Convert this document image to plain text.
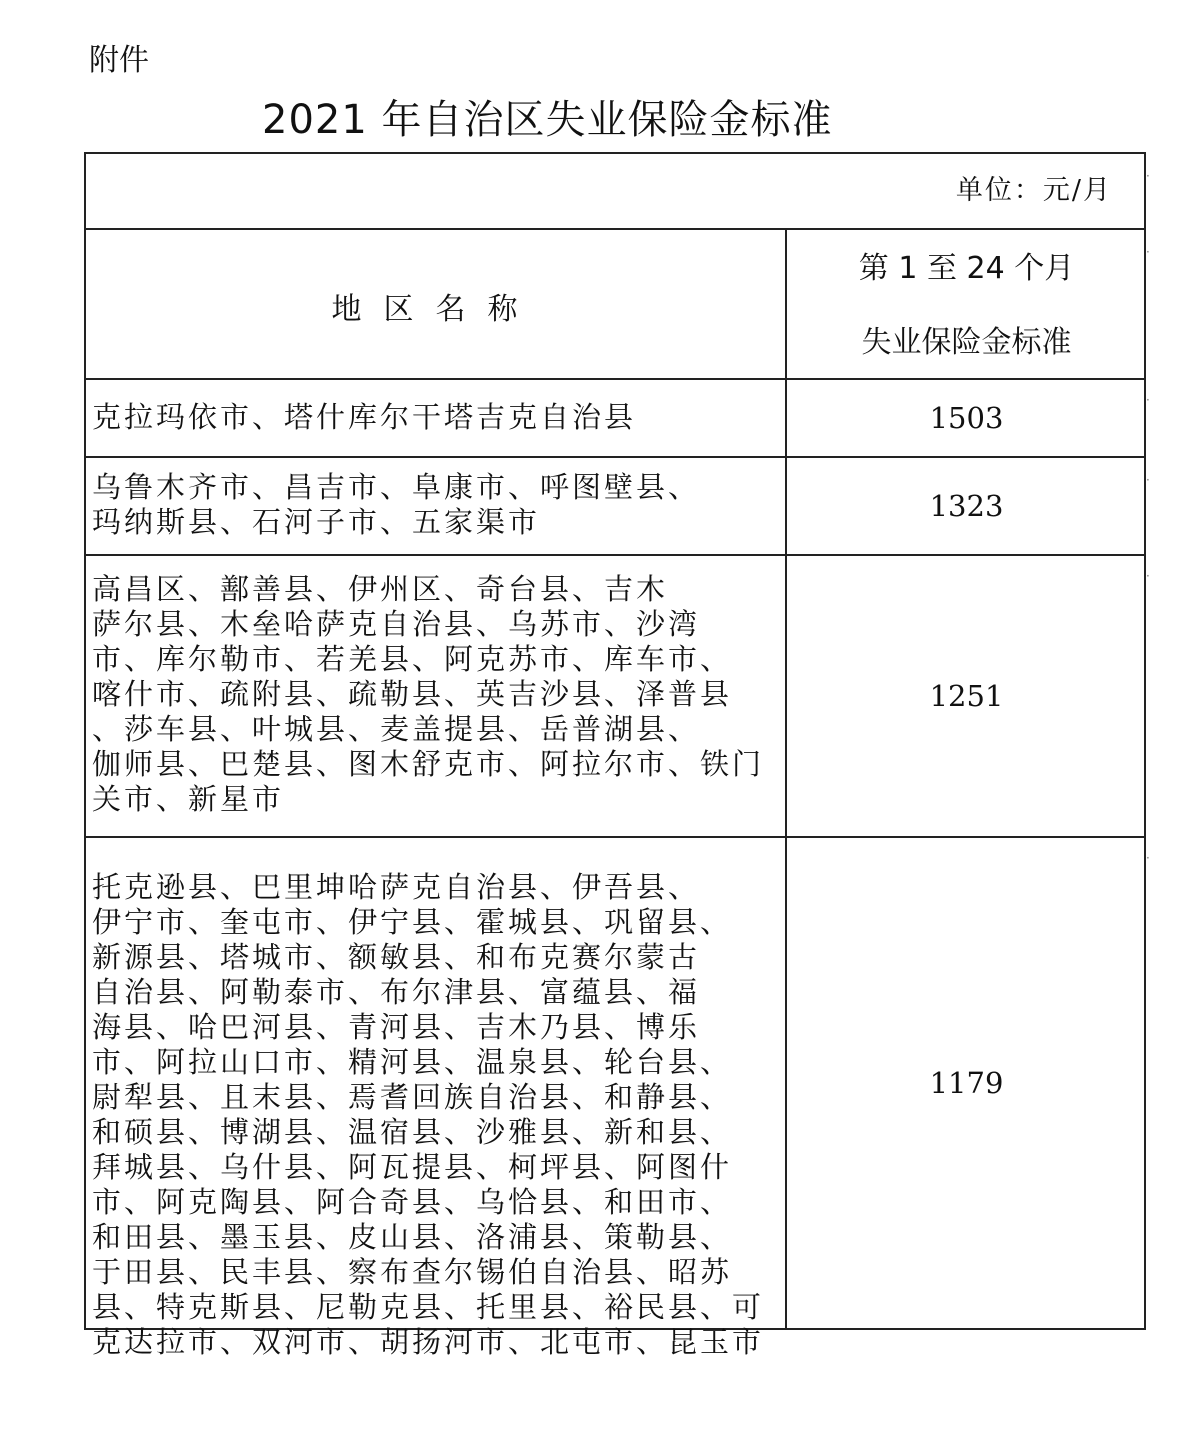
附件
2021 年自治区失业保险金标准
单位：元/月
地区名称
第 1 至 24 个月
失业保险金标准
克拉玛依市、塔什库尔干塔吉克自治县	1503
乌鲁木齐市、昌吉市、阜康市、呼图壁县、
玛纳斯县、石河子市、五家渠市	1323
高昌区、鄯善县、伊州区、奇台县、吉木
萨尔县、木垒哈萨克自治县、乌苏市、沙湾
市、库尔勒市、若羌县、阿克苏市、库车市、
喀什市、疏附县、疏勒县、英吉沙县、泽普县
、莎车县、叶城县、麦盖提县、岳普湖县、
伽师县、巴楚县、图木舒克市、阿拉尔市、铁门
关市、新星市
1251
托克逊县、巴里坤哈萨克自治县、伊吾县、
伊宁市、奎屯市、伊宁县、霍城县、巩留县、
新源县、塔城市、额敏县、和布克赛尔蒙古
自治县、阿勒泰市、布尔津县、富蕴县、福
海县、哈巴河县、青河县、吉木乃县、博乐
市、阿拉山口市、精河县、温泉县、轮台县、
尉犁县、且末县、焉耆回族自治县、和静县、
和硕县、博湖县、温宿县、沙雅县、新和县、
拜城县、乌什县、阿瓦提县、柯坪县、阿图什
市、阿克陶县、阿合奇县、乌恰县、和田市、
和田县、墨玉县、皮山县、洛浦县、策勒县、
于田县、民丰县、察布查尔锡伯自治县、昭苏
县、特克斯县、尼勒克县、托里县、裕民县、可
克达拉市、双河市、胡扬河市、北屯市、昆玉市
1179
·
·
·
·
·
·
